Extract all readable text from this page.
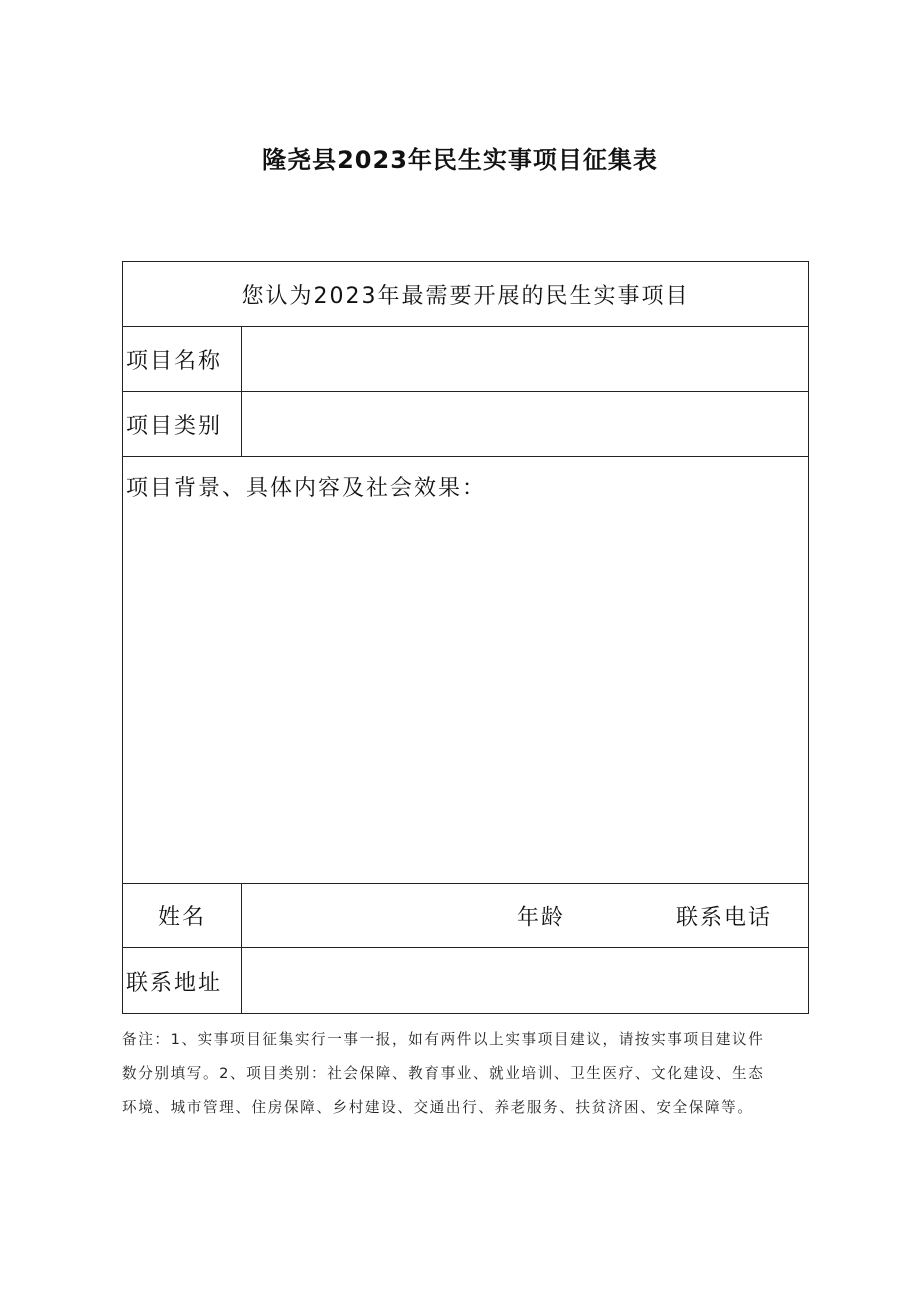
隆尧县2023年民生实事项目征集表
您认为2023年最需要开展的民生实事项目
项目名称
项目类别
项目背景、具体内容及社会效果：
姓名	年龄	联系电话
联系地址
备注：1、实事项目征集实行一事一报，如有两件以上实事项目建议，请按实事项目建议件
数分别填写。2、项目类别：社会保障、教育事业、就业培训、卫生医疗、文化建设、生态
环境、城市管理、住房保障、乡村建设、交通出行、养老服务、扶贫济困、安全保障等。
